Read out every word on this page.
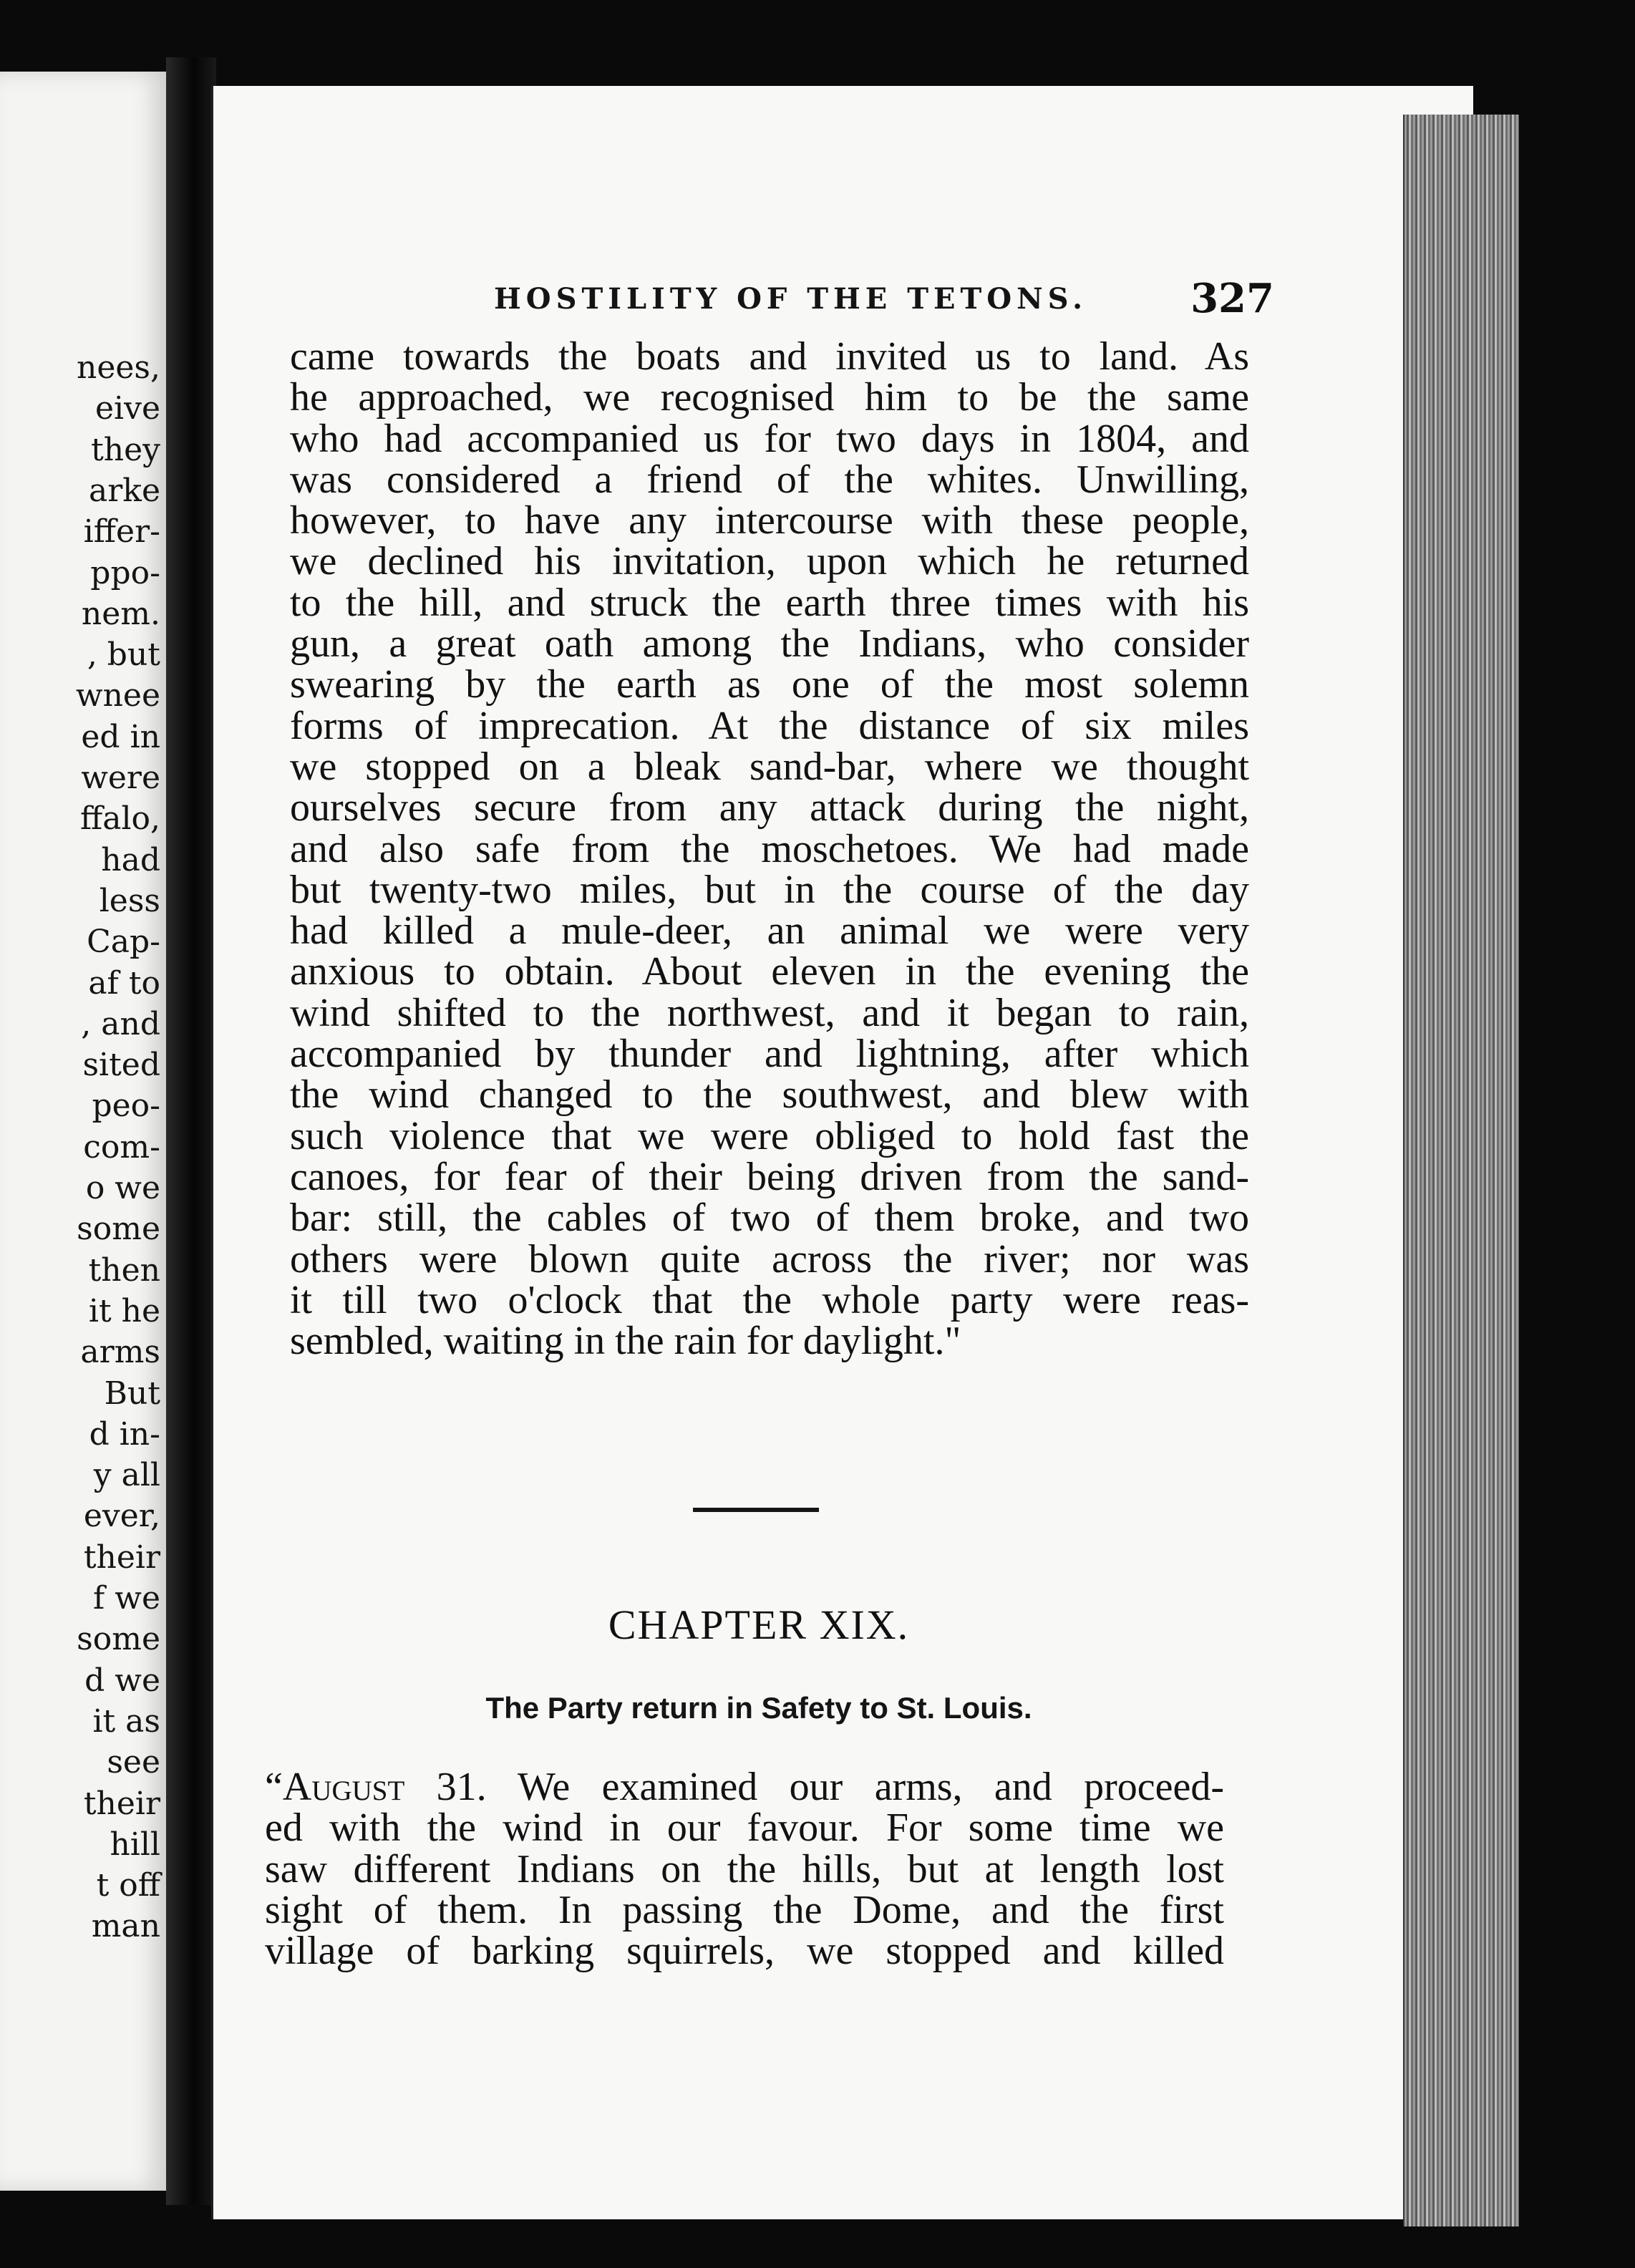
nees,
eive
they
arke
iffer-
ppo-
nem.
, but
wnee
ed in
were
ffalo,
had
less
Cap-
af to
, and
sited
peo-
com-
o we
some
then
it he
arms
But
d in-
y all
ever,
their
f we
some
d we
it as
see
their
hill
t off
man
HOSTILITY OF THE TETONS.	327
came towards the boats and invited us to land. As
he approached, we recognised him to be the same
who had accompanied us for two days in 1804, and
was considered a friend of the whites. Unwilling,
however, to have any intercourse with these people,
we declined his invitation, upon which he returned
to the hill, and struck the earth three times with his
gun, a great oath among the Indians, who consider
swearing by the earth as one of the most solemn
forms of imprecation. At the distance of six miles
we stopped on a bleak sand-bar, where we thought
ourselves secure from any attack during the night,
and also safe from the moschetoes. We had made
but twenty-two miles, but in the course of the day
had killed a mule-deer, an animal we were very
anxious to obtain. About eleven in the evening the
wind shifted to the northwest, and it began to rain,
accompanied by thunder and lightning, after which
the wind changed to the southwest, and blew with
such violence that we were obliged to hold fast the
canoes, for fear of their being driven from the sand-
bar: still, the cables of two of them broke, and two
others were blown quite across the river; nor was
it till two o'clock that the whole party were reas-
sembled, waiting in the rain for daylight."
CHAPTER XIX.
The Party return in Safety to St. Louis.
“August 31. We examined our arms, and proceed-
ed with the wind in our favour. For some time we
saw different Indians on the hills, but at length lost
sight of them. In passing the Dome, and the first
village of barking squirrels, we stopped and killed
